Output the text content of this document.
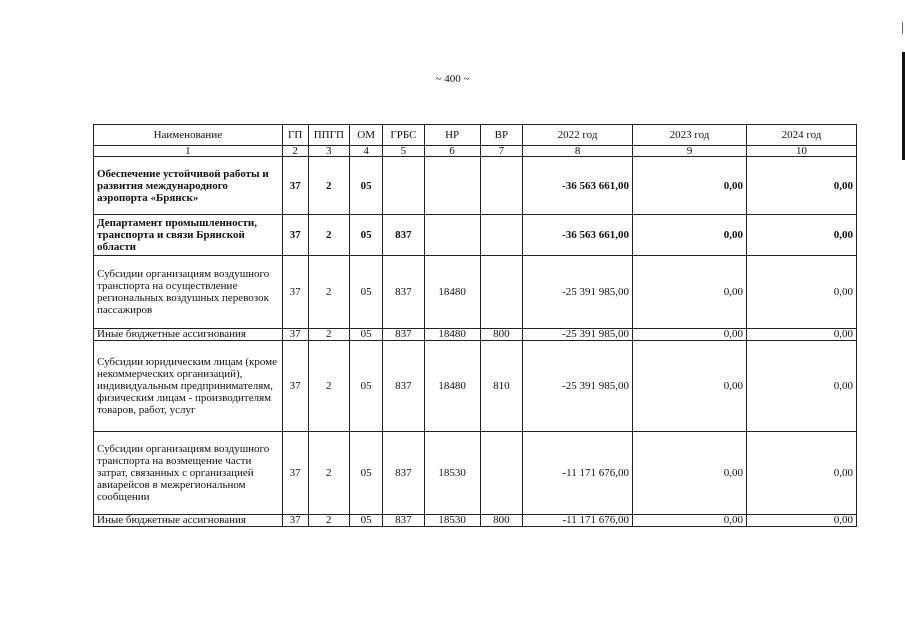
~ 400 ~
Наименование	ГП	ППГП	ОМ	ГРБС	НР	ВР	2022 год	2023 год	2024 год
1	2	3	4	5	6	7	8	9	10
Обеспечение устойчивой работы и развития международного аэропорта «Брянск»	37	2	05				-36 563 661,00	0,00	0,00
Департамент промышленности, транспорта и связи Брянской области	37	2	05	837			-36 563 661,00	0,00	0,00
Субсидии организациям воздушного транспорта на осуществление региональных воздушных перевозок пассажиров	37	2	05	837	18480		-25 391 985,00	0,00	0,00
Иные бюджетные ассигнования	37	2	05	837	18480	800	-25 391 985,00	0,00	0,00
Субсидии юридическим лицам (кроме некоммерческих организаций), индивидуальным предпринимателям, физическим лицам - производителям товаров, работ, услуг	37	2	05	837	18480	810	-25 391 985,00	0,00	0,00
Субсидии организациям воздушного транспорта на возмещение части затрат, связанных с организацией авиарейсов в межрегиональном сообщении	37	2	05	837	18530		-11 171 676,00	0,00	0,00
Иные бюджетные ассигнования	37	2	05	837	18530	800	-11 171 676,00	0,00	0,00
